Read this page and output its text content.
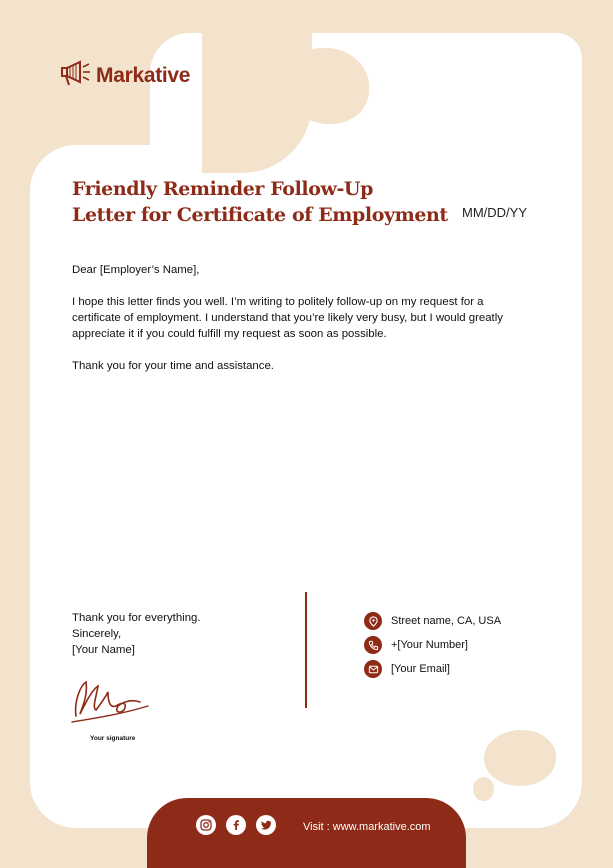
Markative
Friendly Reminder Follow-Up
Letter for Certificate of Employment	MM/DD/YY

Dear [Employer’s Name],

I hope this letter finds you well. I’m writing to politely follow-up on my request for a certificate of employment. I understand that you’re likely very busy, but I would greatly appreciate it if you could fulfill my request as soon as possible.

Thank you for your time and assistance.

Thank you for everything.
Sincerely,
[Your Name]
Your signature
Street name, CA, USA
+[Your Number]
[Your Email]
Visit : www.markative.com
